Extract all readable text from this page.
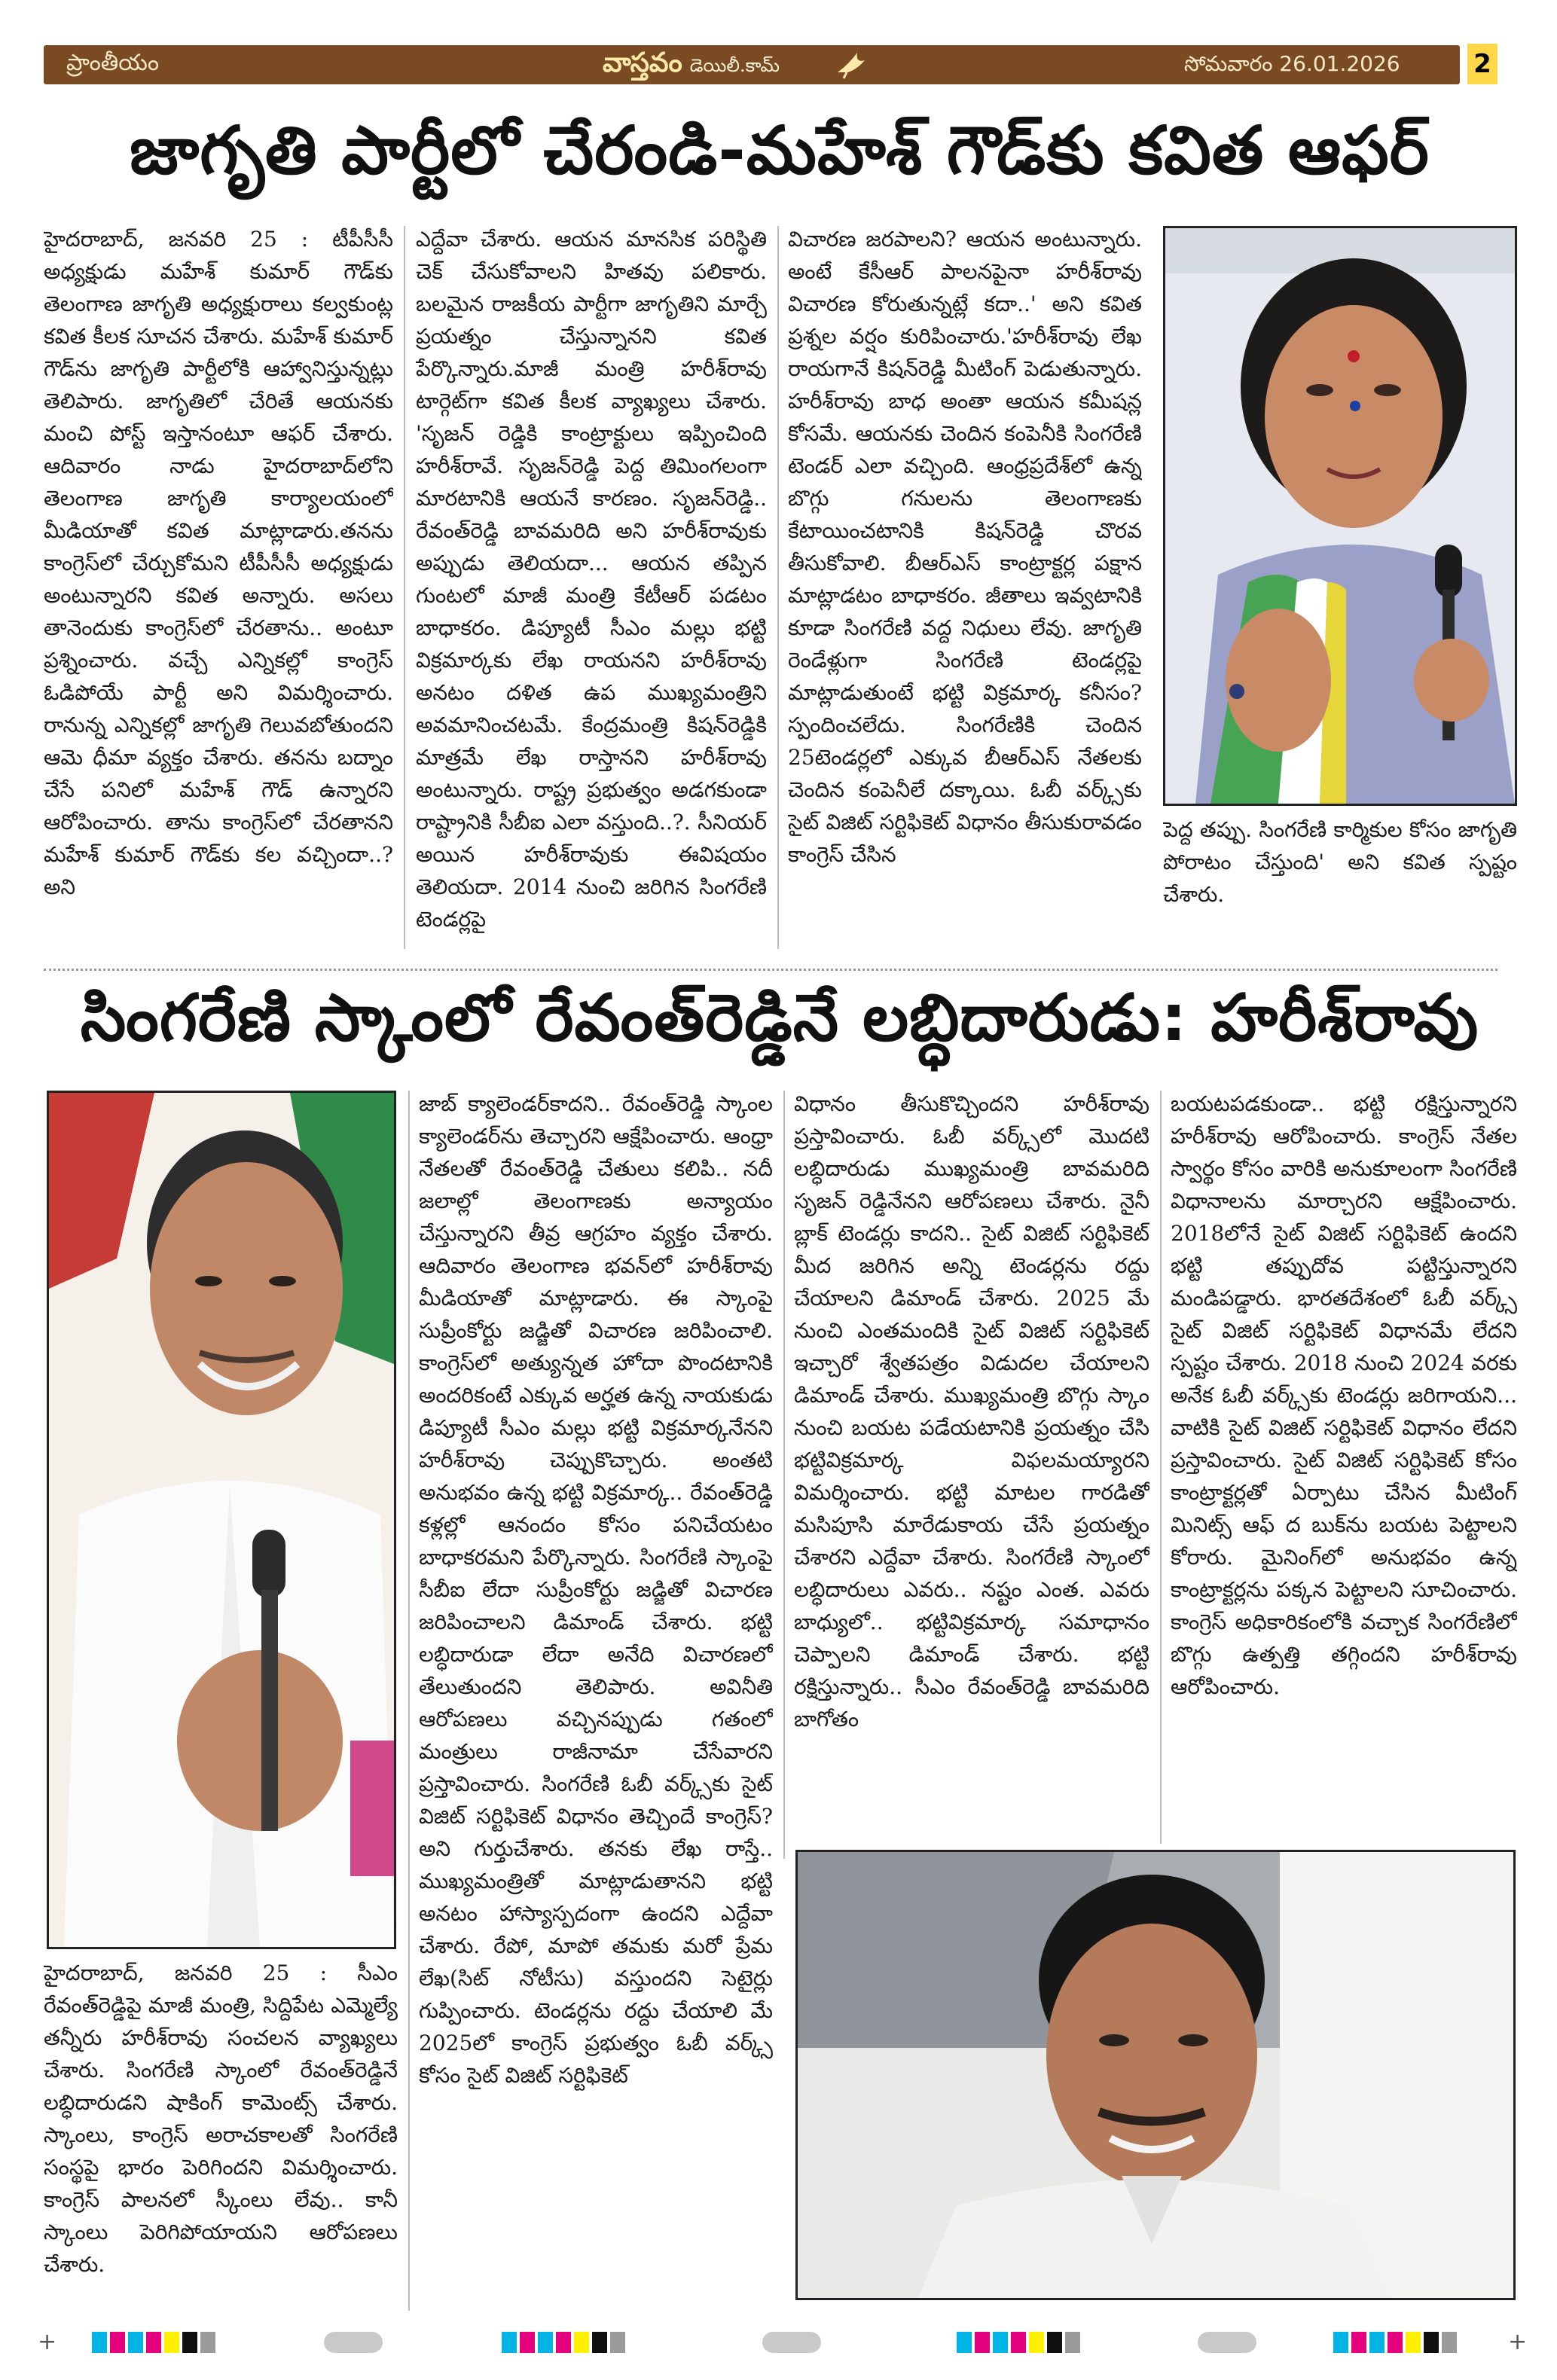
ప్రాంతీయం	వాస్తవం డెయిలీ.కామ్	సోమవారం 26.01.2026	2
జాగృతి పార్టీలో చేరండి-మహేశ్ గౌడ్‌కు కవిత ఆఫర్

హైదరాబాద్, జనవరి 25 : టీపీసీసీ అధ్యక్షుడు మహేశ్ కుమార్ గౌడ్‌కు తెలంగాణ జాగృతి అధ్యక్షురాలు కల్వకుంట్ల కవిత కీలక సూచన చేశారు. మహేశ్ కుమార్ గౌడ్‌ను జాగృతి పార్టీలోకి ఆహ్వానిస్తున్నట్లు తెలిపారు. జాగృతిలో చేరితే ఆయనకు మంచి పోస్ట్ ఇస్తానంటూ ఆఫర్ చేశారు. ఆదివారం నాడు హైదరాబాద్‌లోని తెలంగాణ జాగృతి కార్యాలయంలో మీడియాతో కవిత మాట్లాడారు.తనను కాంగ్రెస్‌లో చేర్చుకోమని టీపీసీసీ అధ్యక్షుడు అంటున్నారని కవిత అన్నారు. అసలు తానెందుకు కాంగ్రెస్‌లో చేరతాను.. అంటూ ప్రశ్నించారు. వచ్చే ఎన్నికల్లో కాంగ్రెస్ ఓడిపోయే పార్టీ అని విమర్శించారు. రానున్న ఎన్నికల్లో జాగృతి గెలువబోతుందని ఆమె ధీమా వ్యక్తం చేశారు. తనను బద్నాం చేసే పనిలో మహేశ్ గౌడ్ ఉన్నారని ఆరోపించారు. తాను కాంగ్రెస్‌లో చేరతానని మహేశ్ కుమార్ గౌడ్‌కు కల వచ్చిందా..? అని

ఎద్దేవా చేశారు. ఆయన మానసిక పరిస్థితి చెక్ చేసుకోవాలని హితవు పలికారు. బలమైన రాజకీయ పార్టీగా జాగృతిని మార్చే ప్రయత్నం చేస్తున్నానని కవిత పేర్కొన్నారు.మాజీ మంత్రి హరీశ్‌రావు టార్గెట్‌గా కవిత కీలక వ్యాఖ్యలు చేశారు. 'సృజన్ రెడ్డికి కాంట్రాక్టులు ఇప్పించింది హరీశ్‌రావే. సృజన్‌రెడ్డి పెద్ద తిమింగలంగా మారటానికి ఆయనే కారణం. సృజన్‌రెడ్డి.. రేవంత్‌రెడ్డి బావమరిది అని హరీశ్‌రావుకు అప్పుడు తెలియదా... ఆయన తప్పిన గుంటలో మాజీ మంత్రి కేటీఆర్ పడటం బాధాకరం. డిప్యూటీ సీఎం మల్లు భట్టి విక్రమార్కకు లేఖ రాయనని హరీశ్‌రావు అనటం దళిత ఉప ముఖ్యమంత్రిని అవమానించటమే. కేంద్రమంత్రి కిషన్‌రెడ్డికి మాత్రమే లేఖ రాస్తానని హరీశ్‌రావు అంటున్నారు. రాష్ట్ర ప్రభుత్వం అడగకుండా రాష్ట్రానికి సీబీఐ ఎలా వస్తుంది..?. సీనియర్ అయిన హరీశ్‌రావుకు ఈవిషయం తెలియదా. 2014 నుంచి జరిగిన సింగరేణి టెండర్లపై

విచారణ జరపాలని? ఆయన అంటున్నారు. అంటే కేసీఆర్ పాలనపైనా హరీశ్‌రావు విచారణ కోరుతున్నట్లే కదా..' అని కవిత ప్రశ్నల వర్షం కురిపించారు.'హరీశ్‌రావు లేఖ రాయగానే కిషన్‌రెడ్డి మీటింగ్ పెడుతున్నారు. హరీశ్‌రావు బాధ అంతా ఆయన కమీషన్ల కోసమే. ఆయనకు చెందిన కంపెనీకి సింగరేణి టెండర్ ఎలా వచ్చింది. ఆంధ్రప్రదేశ్‌లో ఉన్న బొగ్గు గనులను తెలంగాణకు కేటాయించటానికి కిషన్‌రెడ్డి చొరవ తీసుకోవాలి. బీఆర్ఎస్ కాంట్రాక్టర్ల పక్షాన మాట్లాడటం బాధాకరం. జీతాలు ఇవ్వటానికి కూడా సింగరేణి వద్ద నిధులు లేవు. జాగృతి రెండేళ్లుగా సింగరేణి టెండర్లపై మాట్లాడుతుంటే భట్టి విక్రమార్క కనీసం? స్పందించలేదు. సింగరేణికి చెందిన 25టెండర్లలో ఎక్కువ బీఆర్ఎస్ నేతలకు చెందిన కంపెనీలే దక్కాయి. ఓబీ వర్క్స్‌కు సైట్ విజిట్ సర్టిఫికెట్ విధానం తీసుకురావడం కాంగ్రెస్ చేసిన

పెద్ద తప్పు. సింగరేణి కార్మికుల కోసం జాగృతి పోరాటం చేస్తుంది' అని కవిత స్పష్టం చేశారు.

సింగరేణి స్కాంలో రేవంత్‌రెడ్డినే లబ్ధిదారుడు: హరీశ్‌రావు

హైదరాబాద్, జనవరి 25 : సీఎం రేవంత్‌రెడ్డిపై మాజీ మంత్రి, సిద్దిపేట ఎమ్మెల్యే తన్నీరు హరీశ్‌రావు సంచలన వ్యాఖ్యలు చేశారు. సింగరేణి స్కాంలో రేవంత్‌రెడ్డినే లబ్ధిదారుడని షాకింగ్ కామెంట్స్ చేశారు. స్కాంలు, కాంగ్రెస్ అరాచకాలతో సింగరేణి సంస్థపై భారం పెరిగిందని విమర్శించారు. కాంగ్రెస్ పాలనలో స్కీంలు లేవు.. కానీ స్కాంలు పెరిగిపోయాయని ఆరోపణలు చేశారు.

జాబ్ క్యాలెండర్‌కాదని.. రేవంత్‌రెడ్డి స్కాంల క్యాలెండర్‌ను తెచ్చారని ఆక్షేపించారు. ఆంధ్రా నేతలతో రేవంత్‌రెడ్డి చేతులు కలిపి.. నదీ జలాల్లో తెలంగాణకు అన్యాయం చేస్తున్నారని తీవ్ర ఆగ్రహం వ్యక్తం చేశారు. ఆదివారం తెలంగాణ భవన్‌లో హరీశ్‌రావు మీడియాతో మాట్లాడారు. ఈ స్కాంపై సుప్రీంకోర్టు జడ్జితో విచారణ జరిపించాలి. కాంగ్రెస్‌లో అత్యున్నత హోదా పొందటానికి అందరికంటే ఎక్కువ అర్హత ఉన్న నాయకుడు డిప్యూటీ సీఎం మల్లు భట్టి విక్రమార్కనేనని హరీశ్‌రావు చెప్పుకొచ్చారు. అంతటి అనుభవం ఉన్న భట్టి విక్రమార్క.. రేవంత్‌రెడ్డి కళ్లల్లో ఆనందం కోసం పనిచేయటం బాధాకరమని పేర్కొన్నారు. సింగరేణి స్కాంపై సీబీఐ లేదా సుప్రీంకోర్టు జడ్జితో విచారణ జరిపించాలని డిమాండ్ చేశారు. భట్టి లబ్ధిదారుడా లేదా అనేది విచారణలో తేలుతుందని తెలిపారు. అవినీతి ఆరోపణలు వచ్చినప్పుడు గతంలో మంత్రులు రాజీనామా చేసేవారని ప్రస్తావించారు. సింగరేణి ఓబీ వర్క్స్‌కు సైట్ విజిట్ సర్టిఫికెట్ విధానం తెచ్చిందే కాంగ్రెస్? అని గుర్తుచేశారు. తనకు లేఖ రాస్తే.. ముఖ్యమంత్రితో మాట్లాడుతానని భట్టి అనటం హాస్యాస్పదంగా ఉందని ఎద్దేవా చేశారు. రేపో, మాపో తమకు మరో ప్రేమ లేఖ(సిట్ నోటీసు) వస్తుందని సెటైర్లు గుప్పించారు. టెండర్లను రద్దు చేయాలి మే 2025లో కాంగ్రెస్ ప్రభుత్వం ఓబీ వర్క్స్ కోసం సైట్ విజిట్ సర్టిఫికెట్

విధానం తీసుకొచ్చిందని హరీశ్‌రావు ప్రస్తావించారు. ఓబీ వర్క్స్‌లో మొదటి లబ్ధిదారుడు ముఖ్యమంత్రి బావమరిది సృజన్ రెడ్డినేనని ఆరోపణలు చేశారు. నైనీ బ్లాక్ టెండర్లు కాదని.. సైట్ విజిట్ సర్టిఫికెట్ మీద జరిగిన అన్ని టెండర్లను రద్దు చేయాలని డిమాండ్ చేశారు. 2025 మే నుంచి ఎంతమందికి సైట్ విజిట్ సర్టిఫికెట్ ఇచ్చారో శ్వేతపత్రం విడుదల చేయాలని డిమాండ్ చేశారు. ముఖ్యమంత్రి బొగ్గు స్కాం నుంచి బయట పడేయటానికి ప్రయత్నం చేసి భట్టివిక్రమార్క విఫలమయ్యారని విమర్శించారు. భట్టి మాటల గారడితో మసిపూసి మారేడుకాయ చేసే ప్రయత్నం చేశారని ఎద్దేవా చేశారు. సింగరేణి స్కాంలో లబ్ధిదారులు ఎవరు.. నష్టం ఎంత. ఎవరు బాధ్యులో.. భట్టివిక్రమార్క సమాధానం చెప్పాలని డిమాండ్ చేశారు. భట్టి రక్షిస్తున్నారు.. సీఎం రేవంత్‌రెడ్డి బావమరిది బాగోతం

బయటపడకుండా.. భట్టి రక్షిస్తున్నారని హరీశ్‌రావు ఆరోపించారు. కాంగ్రెస్ నేతల స్వార్థం కోసం వారికి అనుకూలంగా సింగరేణి విధానాలను మార్చారని ఆక్షేపించారు. 2018లోనే సైట్ విజిట్ సర్టిఫికెట్ ఉందని భట్టి తప్పుదోవ పట్టిస్తున్నారని మండిపడ్డారు. భారతదేశంలో ఓబీ వర్క్స్ సైట్ విజిట్ సర్టిఫికెట్ విధానమే లేదని స్పష్టం చేశారు. 2018 నుంచి 2024 వరకు అనేక ఓబీ వర్క్స్‌కు టెండర్లు జరిగాయని... వాటికి సైట్ విజిట్ సర్టిఫికెట్ విధానం లేదని ప్రస్తావించారు. సైట్ విజిట్ సర్టిఫికెట్ కోసం కాంట్రాక్టర్లతో ఏర్పాటు చేసిన మీటింగ్ మినిట్స్ ఆఫ్ ద బుక్‌ను బయట పెట్టాలని కోరారు. మైనింగ్‌లో అనుభవం ఉన్న కాంట్రాక్టర్లను పక్కన పెట్టాలని సూచించారు. కాంగ్రెస్ అధికారికంలోకి వచ్చాక సింగరేణిలో బొగ్గు ఉత్పత్తి తగ్గిందని హరీశ్‌రావు ఆరోపించారు.

+	+
